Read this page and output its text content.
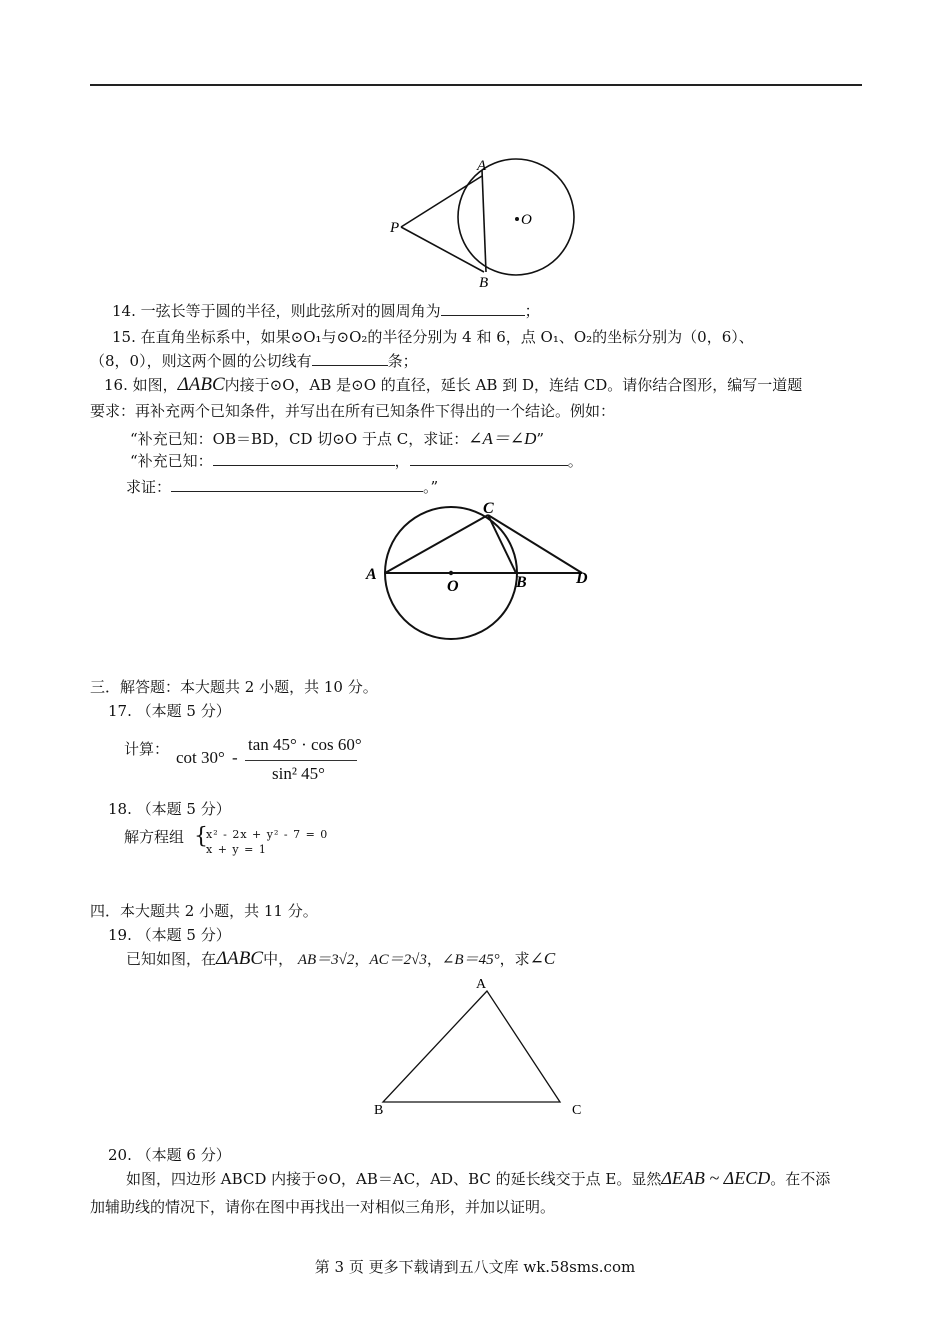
A
P	O
B
14. 一弦长等于圆的半径，则此弦所对的圆周角为	；
15. 在直角坐标系中，如果⊙O₁与⊙O₂的半径分别为 4 和 6，点 O₁、O₂的坐标分别为（0，6）、
（8，0），则这两个圆的公切线有	条；
16. 如图，ΔABC内接于⊙O，AB 是⊙O 的直径，延长 AB 到 D，连结 CD。请你结合图形，编写一道题
要求：再补充两个已知条件，并写出在所有已知条件下得出的一个结论。例如：
“补充已知：OB＝BD，CD 切⊙O 于点 C，求证：∠A＝∠D”
“补充已知：	，	。
求证：	。”
A
C
O	B	D
三．解答题：本大题共 2 小题，共 10 分。
17. （本题 5 分）
计算： cot 30° -
tan 45° · cos 60°
sin² 45°
18. （本题 5 分）
解方程组 {
x² - 2x + y² - 7 = 0
x + y = 1
四．本大题共 2 小题，共 11 分。
19. （本题 5 分）
已知如图，在ΔABC中， AB＝3√2，AC＝2√3，∠B＝45°，求∠C
A
B	C
20. （本题 6 分）
如图，四边形 ABCD 内接于⊙O，AB＝AC，AD、BC 的延长线交于点 E。显然ΔEAB ~ ΔECD。在不添
加辅助线的情况下，请你在图中再找出一对相似三角形，并加以证明。
第 3 页 更多下载请到五八文库 wk.58sms.com
